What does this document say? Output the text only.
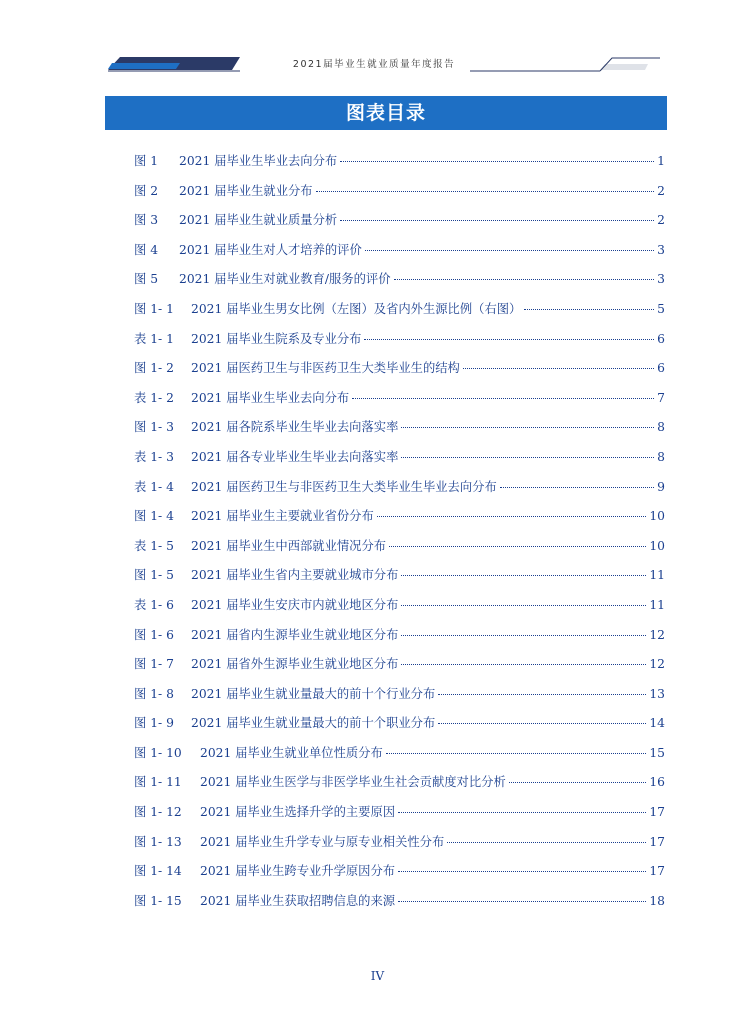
2021届毕业生就业质量年度报告
图表目录
图 1	2021 届毕业生毕业去向分布	1
图 2	2021 届毕业生就业分布	2
图 3	2021 届毕业生就业质量分析	2
图 4	2021 届毕业生对人才培养的评价	3
图 5	2021 届毕业生对就业教育/服务的评价	3
图 1- 1	2021 届毕业生男女比例（左图）及省内外生源比例（右图）	5
表 1- 1	2021 届毕业生院系及专业分布	6
图 1- 2	2021 届医药卫生与非医药卫生大类毕业生的结构	6
表 1- 2	2021 届毕业生毕业去向分布	7
图 1- 3	2021 届各院系毕业生毕业去向落实率	8
表 1- 3	2021 届各专业毕业生毕业去向落实率	8
表 1- 4	2021 届医药卫生与非医药卫生大类毕业生毕业去向分布	9
图 1- 4	2021 届毕业生主要就业省份分布	10
表 1- 5	2021 届毕业生中西部就业情况分布	10
图 1- 5	2021 届毕业生省内主要就业城市分布	11
表 1- 6	2021 届毕业生安庆市内就业地区分布	11
图 1- 6	2021 届省内生源毕业生就业地区分布	12
图 1- 7	2021 届省外生源毕业生就业地区分布	12
图 1- 8	2021 届毕业生就业量最大的前十个行业分布	13
图 1- 9	2021 届毕业生就业量最大的前十个职业分布	14
图 1- 10	2021 届毕业生就业单位性质分布	15
图 1- 11	2021 届毕业生医学与非医学毕业生社会贡献度对比分析	16
图 1- 12	2021 届毕业生选择升学的主要原因	17
图 1- 13	2021 届毕业生升学专业与原专业相关性分布	17
图 1- 14	2021 届毕业生跨专业升学原因分布	17
图 1- 15	2021 届毕业生获取招聘信息的来源	18
IV
